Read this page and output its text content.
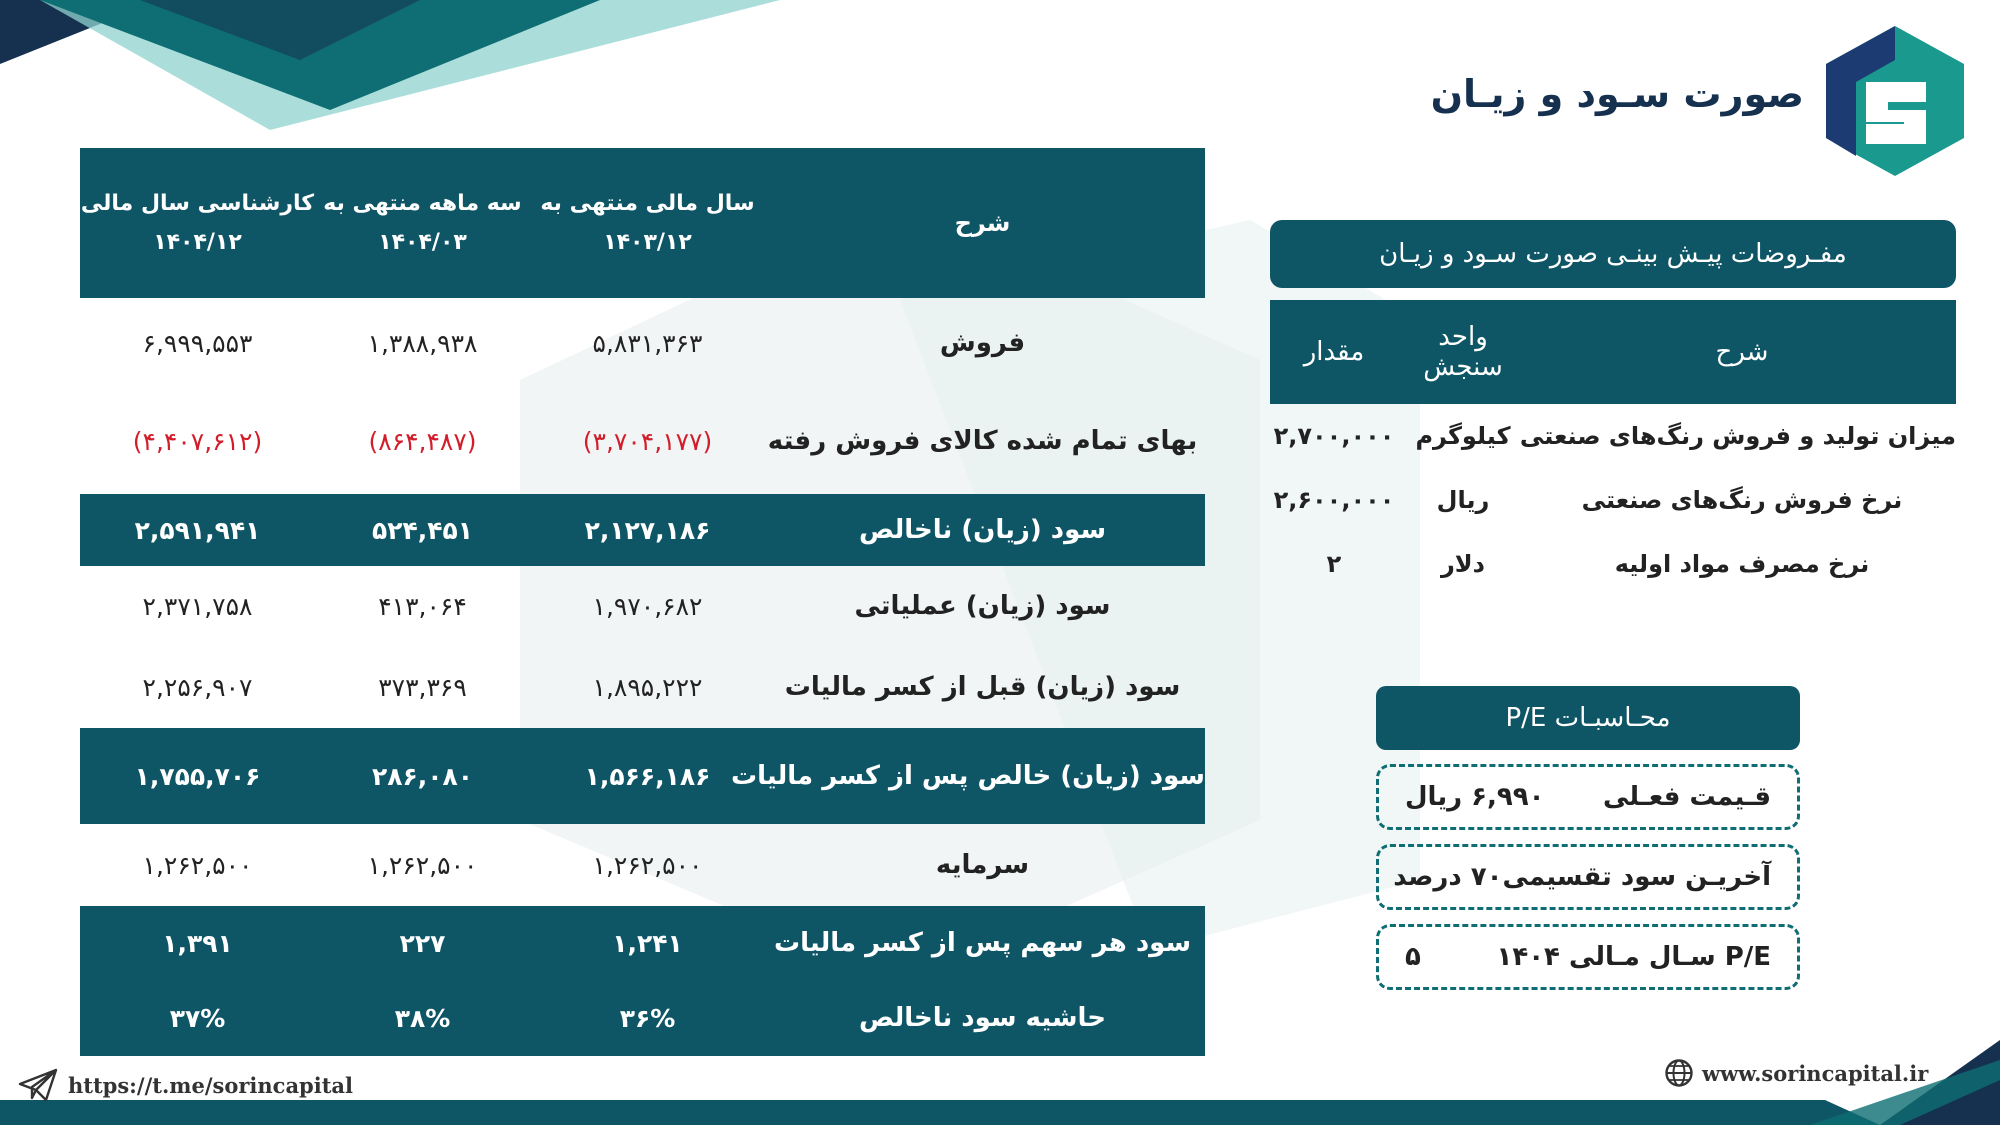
صورت سـود و زیـان
شرح
سال مالی منتهی به
۱۴۰۳/۱۲
سه ماهه منتهی به
۱۴۰۴/۰۳
کارشناسی سال مالی
۱۴۰۴/۱۲
فروش
۵,۸۳۱,۳۶۳
۱,۳۸۸,۹۳۸
۶,۹۹۹,۵۵۳
بهای تمام شده کالای فروش رفته
(۳,۷۰۴,۱۷۷)
(۸۶۴,۴۸۷)
(۴,۴۰۷,۶۱۲)
سود (زیان) ناخالص
۲,۱۲۷,۱۸۶
۵۲۴,۴۵۱
۲,۵۹۱,۹۴۱
سود (زیان) عملیاتی
۱,۹۷۰,۶۸۲
۴۱۳,۰۶۴
۲,۳۷۱,۷۵۸
سود (زیان) قبل از کسر مالیات
۱,۸۹۵,۲۲۲
۳۷۳,۳۶۹
۲,۲۵۶,۹۰۷
سود (زیان) خالص پس از کسر مالیات
۱,۵۶۶,۱۸۶
۲۸۶,۰۸۰
۱,۷۵۵,۷۰۶
سرمایه
۱,۲۶۲,۵۰۰
۱,۲۶۲,۵۰۰
۱,۲۶۲,۵۰۰
سود هر سهم پس از کسر مالیات
۱,۲۴۱
۲۲۷
۱,۳۹۱
حاشیه سود ناخالص
۳۶%
۳۸%
۳۷%
مفـروضات پیـش بینـی صورت سـود و زیـان
شرح
واحد سنجش
مقدار
میزان تولید و فروش رنگ‌های صنعتی
کیلوگرم
۲,۷۰۰,۰۰۰
نرخ فروش رنگ‌های صنعتی
ریال
۲,۶۰۰,۰۰۰
نرخ مصرف مواد اولیه
دلار
۲
محـاسبـات P/E
قـیمت فعـلی
۶,۹۹۰ ریال
آخریـن سود تقسیمی
۷۰ درصد
P/E سـال مـالی ۱۴۰۴
۵
https://t.me/sorincapital	www.sorincapital.ir
